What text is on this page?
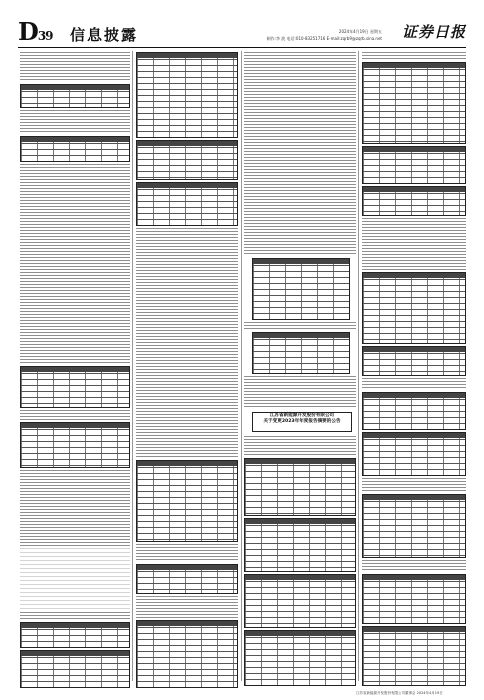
D39 信息披露	2024年4月19日 星期五
制作:李 波 电话:010-83251716 E-mail:zqrb9@zqrb.sina.net 证券日报
江苏省新能源开发股份有限公司
关于变更2023年年度报告摘要的公告
江苏省新能源开发股份有限公司董事会 2024年4月19日
